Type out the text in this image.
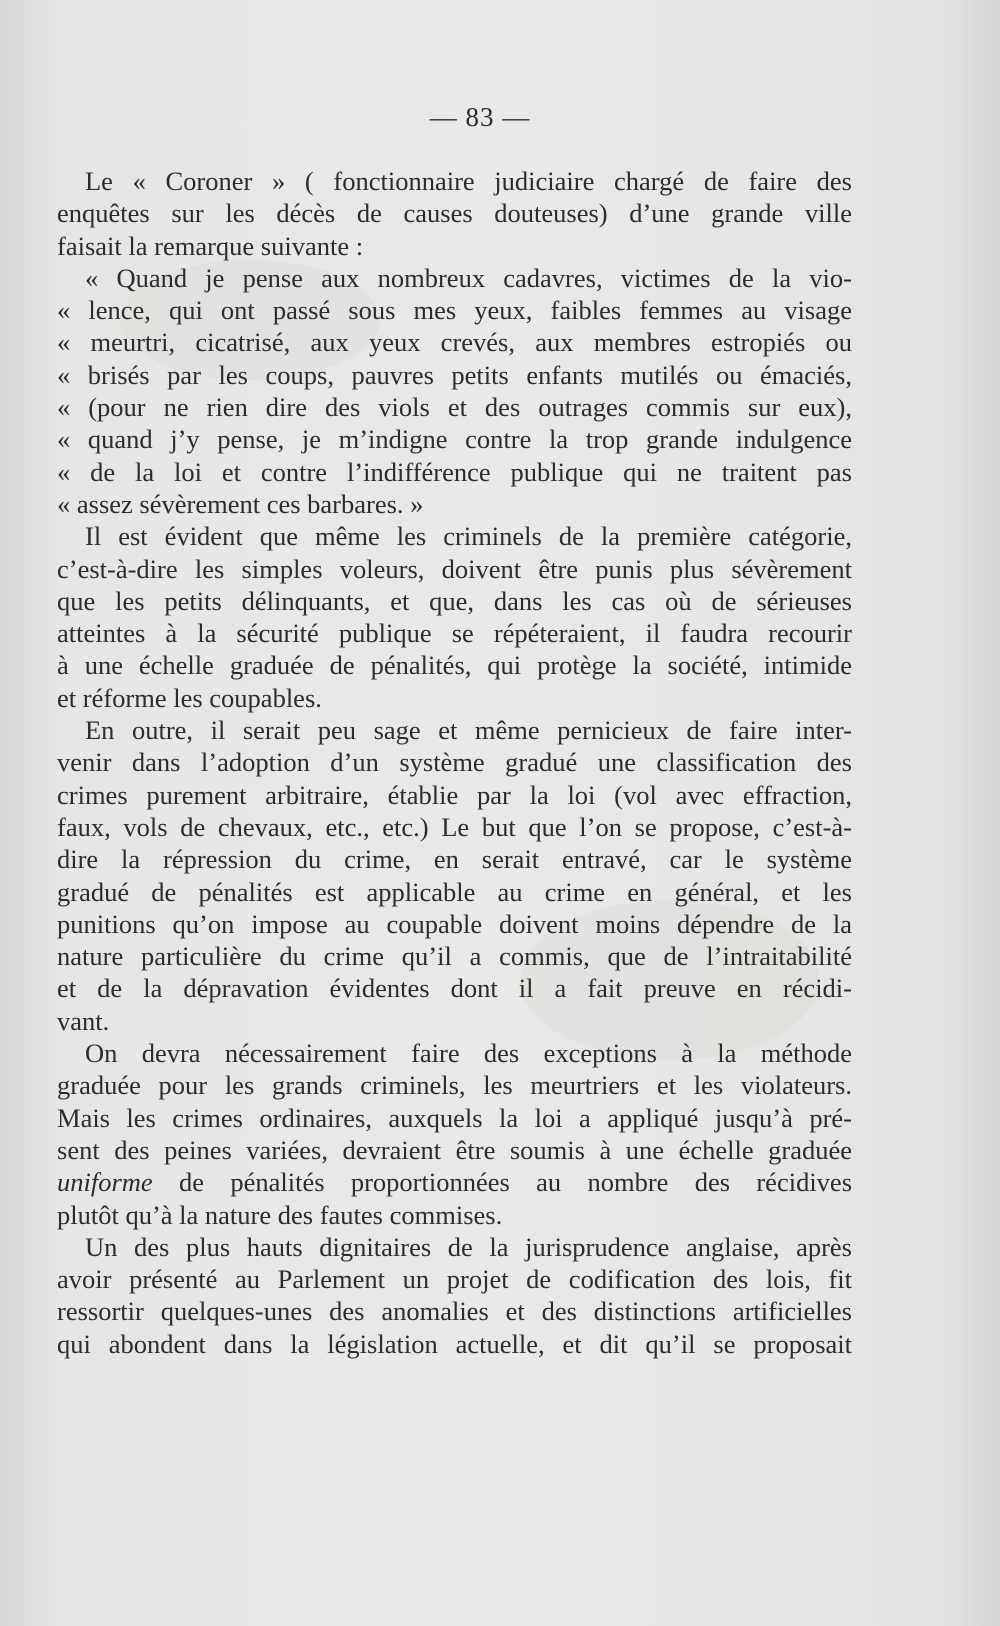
— 83 —
Le « Coroner » ( fonctionnaire judiciaire chargé de faire des
enquêtes sur les décès de causes douteuses) d’une grande ville
faisait la remarque suivante :
« Quand je pense aux nombreux cadavres, victimes de la vio-
« lence, qui ont passé sous mes yeux, faibles femmes au visage
« meurtri, cicatrisé, aux yeux crevés, aux membres estropiés ou
« brisés par les coups, pauvres petits enfants mutilés ou émaciés,
« (pour ne rien dire des viols et des outrages commis sur eux),
« quand j’y pense, je m’indigne contre la trop grande indulgence
« de la loi et contre l’indifférence publique qui ne traitent pas
« assez sévèrement ces barbares. »
Il est évident que même les criminels de la première catégorie,
c’est-à-dire les simples voleurs, doivent être punis plus sévèrement
que les petits délinquants, et que, dans les cas où de sérieuses
atteintes à la sécurité publique se répéteraient, il faudra recourir
à une échelle graduée de pénalités, qui protège la société, intimide
et réforme les coupables.
En outre, il serait peu sage et même pernicieux de faire inter-
venir dans l’adoption d’un système gradué une classification des
crimes purement arbitraire, établie par la loi (vol avec effraction,
faux, vols de chevaux, etc., etc.) Le but que l’on se propose, c’est-à-
dire la répression du crime, en serait entravé, car le système
gradué de pénalités est applicable au crime en général, et les
punitions qu’on impose au coupable doivent moins dépendre de la
nature particulière du crime qu’il a commis, que de l’intraitabilité
et de la dépravation évidentes dont il a fait preuve en récidi-
vant.
On devra nécessairement faire des exceptions à la méthode
graduée pour les grands criminels, les meurtriers et les violateurs.
Mais les crimes ordinaires, auxquels la loi a appliqué jusqu’à pré-
sent des peines variées, devraient être soumis à une échelle graduée
uniforme de pénalités proportionnées au nombre des récidives
plutôt qu’à la nature des fautes commises.
Un des plus hauts dignitaires de la jurisprudence anglaise, après
avoir présenté au Parlement un projet de codification des lois, fit
ressortir quelques-unes des anomalies et des distinctions artificielles
qui abondent dans la législation actuelle, et dit qu’il se proposait
